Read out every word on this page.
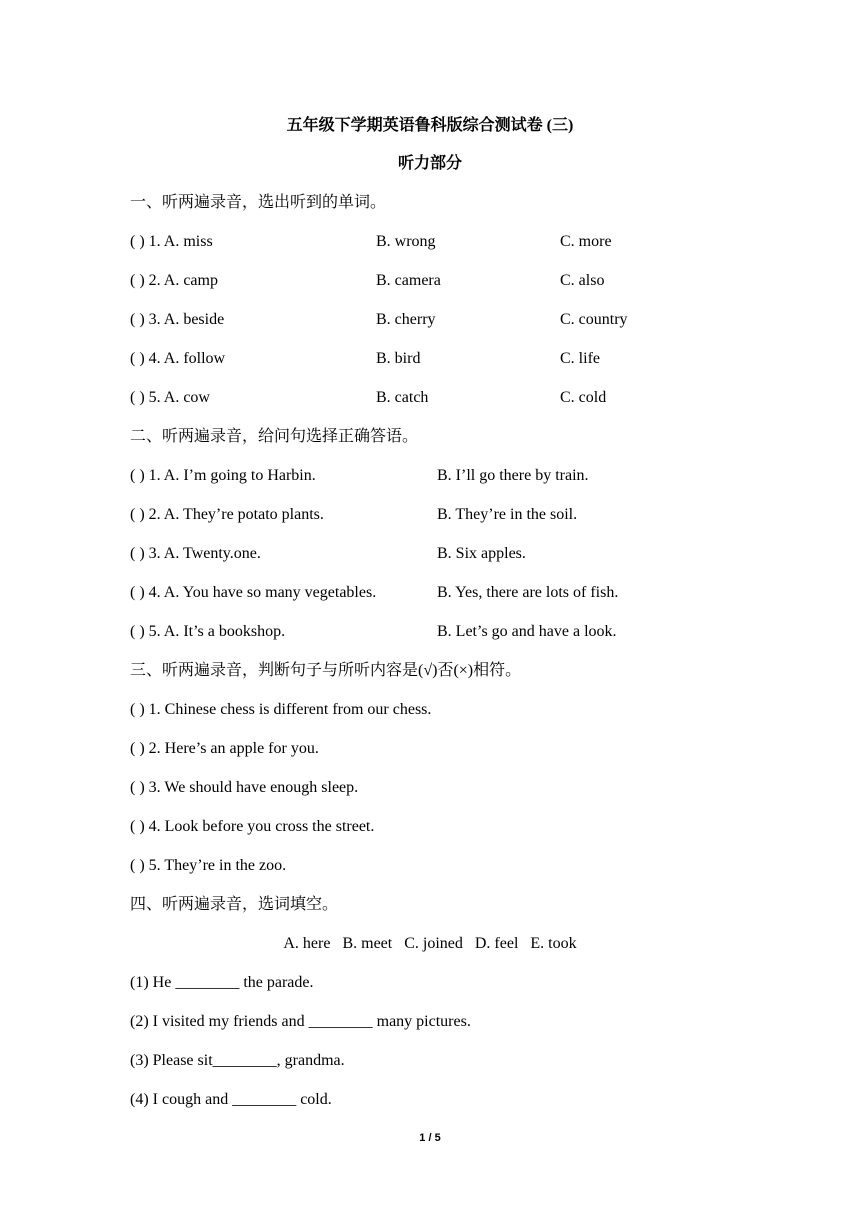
五年级下学期英语鲁科版综合测试卷 (三)
听力部分
一、听两遍录音，选出听到的单词。
( ) 1. A. miss	B. wrong	C. more
( ) 2. A. camp	B. camera	C. also
( ) 3. A. beside	B. cherry	C. country
( ) 4. A. follow	B. bird	C. life
( ) 5. A. cow	B. catch	C. cold
二、听两遍录音，给问句选择正确答语。
( ) 1. A. I’m going to Harbin.	B. I’ll go there by train.
( ) 2. A. They’re potato plants.	B. They’re in the soil.
( ) 3. A. Twenty.one.	B. Six apples.
( ) 4. A. You have so many vegetables.	B. Yes, there are lots of fish.
( ) 5. A. It’s a bookshop.	B. Let’s go and have a look.
三、听两遍录音，判断句子与所听内容是(√)否(×)相符。
( ) 1. Chinese chess is different from our chess.
( ) 2. Here’s an apple for you.
( ) 3. We should have enough sleep.
( ) 4. Look before you cross the street.
( ) 5. They’re in the zoo.
四、听两遍录音，选词填空。
A. here   B. meet   C. joined   D. feel   E. took
(1) He ________ the parade.
(2) I visited my friends and ________ many pictures.
(3) Please sit________, grandma.
(4) I cough and ________ cold.
1 / 5
